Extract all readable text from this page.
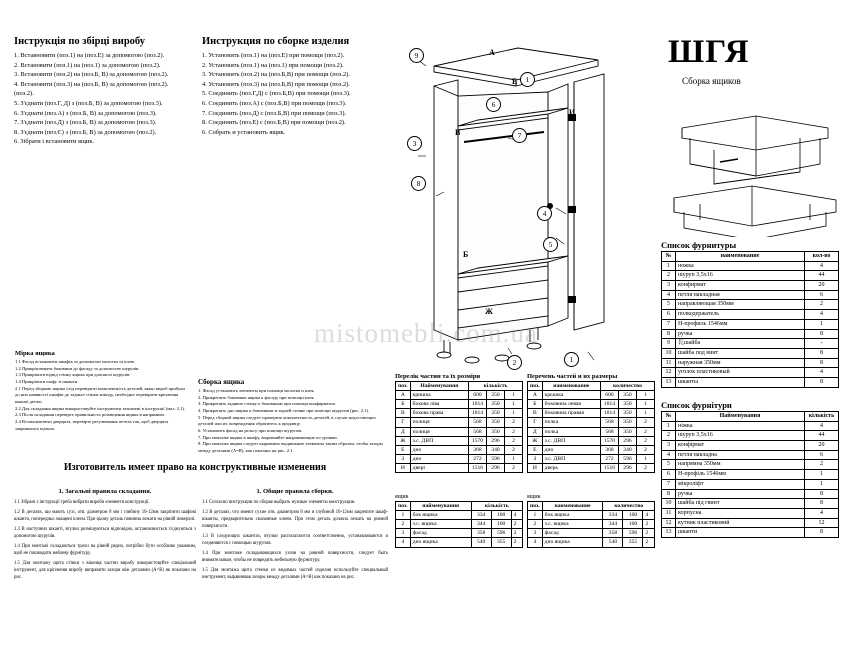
Інструкція по збірці виробу
1. Вставновити (поз.1) на (поз.Е) за допомогою (поз.2).
2. Встановити (поз.1) на (поз.1) за допомогою (поз.2).
3. Встановити (поз.2) на (поз.Б, В) за допомогою (поз.2).
4. Встановити (поз.3) на (поз.Б, В) за допомогою (поз.2).
(поз.2).
5. З'єднати (поз.Г, Д) з (поз.Б, В) за допомогою (поз.3).
6. З'єднати (поз.А) з (поз.Б, В) за допомогою (поз.3).
7. З'єднати (поз.Д) з (поз.Б, В) за допомогою (поз.3).
8. З'єднати (поз.Є) з (поз.Б, В) за допомогою (поз.2).
6. Зібрати і встановити ящик.
Инструкция по сборке изделия
1. Установить (поз.1) на (поз.Е) при помощи (поз.2).
2. Установить (поз.1) на (поз.1) при помощи (поз.2).
3. Установить (поз.2) на (поз.Б,В) при помощи (поз.2).
4. Установить (поз.3) на (поз.Б,В) при помощи (поз.2).
5. Соединить (поз.Г,Д) с (поз.Б,В) при помощи (поз.3).
6. Соединить (поз.А) с (поз.Б,В) при помощи (поз.3).
7. Соединить (поз.Д) с (поз.Б,В) при помощи (поз.3).
8. Соединить (поз.Е) с (поз.Б,В) при помощи (поз.2).
6. Собрать и установить ящик.
ШГЯ
Сборка ящиков
9
3
6
1
7
8
4
5
2	1
А
И
Б
Ж
Е
В
mistomebli.com.ua
Список фурнитуры
№	наименование	кол-во
1	ножка	4
2	шуруп 3,5х16	44
3	конфирмат	20
4	петля накладная	6
5	направляющая 350мм	2
6	полкодержатель	4
7	Н-профиль 1546мм	1
8	ручка	8
9	瓦шайба	-
10	шайба под винт	8
11	наружная 350мм	8
12	уголок пластиковый	4
13	шканты	8
Список фурнітури
№	Найменування	кількість
1	ніжка	4
2	шуруп 3,5х16	44
3	конфірмат	20
4	петля накладна	6
5	напрямна 350мм	2
6	Н-профіль 1546мм	1
7	мікроліфт	1
8	ручка	8
10	шайба під гвинт	8
11	корпусна	4
12	кутник пластиковий	12
13	шканти	8
Перелік частин та їх розміри
поз.	Найменування	кількість		
А	кришка	600	350	1
Б	бокова ліва	1814	350	1
В	бокова права	1814	350	1
Г	полиця	568	350	2
Д	полиця	568	350	2
Ж	з.с. ДВП	1570	296	2
Е	дно	368	340	2
З	дно	272	596	1
И	дверi	1516	296	2
Перечень частей и их размеры
поз.	наименование	количество		
А	крышка	600	350	1
Б	боковина левая	1814	350	1
В	боковина правая	1814	350	1
Г	полка	568	350	2
Д	полка	568	350	2
Ж	з.с. ДВП	1570	296	2
Е	дно	368	340	2
З	з.с. ДВП	272	596	1
И	дверь	1516	296	2
ящик
поз.	найменування	кількість		
1	бок ящика	334	100	4
2	з.с. ящика	344	100	2
3	фасад	358	596	2
4	дно ящика	540	355	2
ящик
поз.	наименование	количество		
1	бок ящика	334	100	4
2	з.с. ящика	344	100	2
3	фасад	358	596	2
4	дно ящика	540	355	2
Мірка ящика

1.1 Фасад встановити шкафів за допомогою молотка та клею.

1.2 Прикріплювати боковини до фасаду за допомогою шурупів.

1.3 Прикріпити відвід стінку ящика при допомозі шурупів.

1.4 Прикріпити шафу зі шканти.

2.1 Перед зборкою ящика слід перевірити комплектність деталей, якщо вироб прибули до них наявності шкафів до задньої стінки комоду, необхідно перевірити кріплення кожної деталі.

2.2 Для складання ящика використовуйте інструменти зазначені в інструкції (мал. 2.1).

2.3 Після складання перевірте правильність розміщення ящика в напрямних.

2.4 Встановлюючи дверцята, перевірте регулювання петель так, щоб дверцята закривались щільно.

Сборка ящика

1. Фасад установить элементы при помощи молотка и клея.

2. Прикрепить боковины ящика к фасаду при помощи клея.

3. Прикрепить заднюю стенку к боковинам при помощи конфирматов.

4. Прикрепить дно ящика к боковинам и задней стенке при помощи шурупов (рис. 2.1).

5. Перед сборкой ящика следует проверить комплектность деталей, в случае недостающих деталей или их повреждения обратитесь к продавцу.

6. Установить фасад на рельсу при помощи шурупов.

7. При монтаже ящика в шкафу, выровняйте направляющие по уровню.

8. При монтаже ящика следует выровнять выдвижные элементы таким образом, чтобы зазоры между деталями (А=В), как показано на рис. 2.1.

Изготовитель имеет право на конструктивные изменения
1. Загальні правила складання.

1.1 Зібрані з інструкції треба вибрати вироби елементи конструкції.

1.2 В деталях, що мають сухі, отв. діаметром 8 мм і глибину 10-12мм закріпити шафові шканти, попередньо змащені клеєм. При цьому деталь повинна лежати на рівній поверхні.

1.3 В наступних шканті, втулки розміщуються відповідно, встановлюється з'єднуються з допомогою шурупів.

1.4 При монтажі складаються трохи на рівній рядно, потрібно бути особливо уважним, щоб не пошкодити меблеву фурнітуру.

1.5 Для монтажу щита стінки з віконця частин виробу використовуйте спеціальний інструмент, для кріплення виробу виправити зазори між деталями (А=В) як показано на рис.

1. Общие правила сборки.

1.1 Согласно инструкции по сборке выбрать нужные элементы конструкции.

1.2 В деталях, что имеют сухие отв. диаметром 8 мм и глубиной 10-12мм закрепите шкаф-шканты, предварительно смазанные клеем. При этом деталь должна лежать на ровной поверхности.

1.3 В следующих шкантах, втулки располагаются соответственно, устанавливаются и соединяются с помощью шурупов.

1.4 При монтаже складывающихся узлов на ровной поверхности, следует быть внимательным, чтобы не повредить мебельную фурнитуру.

1.5 Для монтажа щита стенки из видимых частей изделия используйте специальный инструмент, выравнивая зазоры между деталями (А=В) как показано на рис.
